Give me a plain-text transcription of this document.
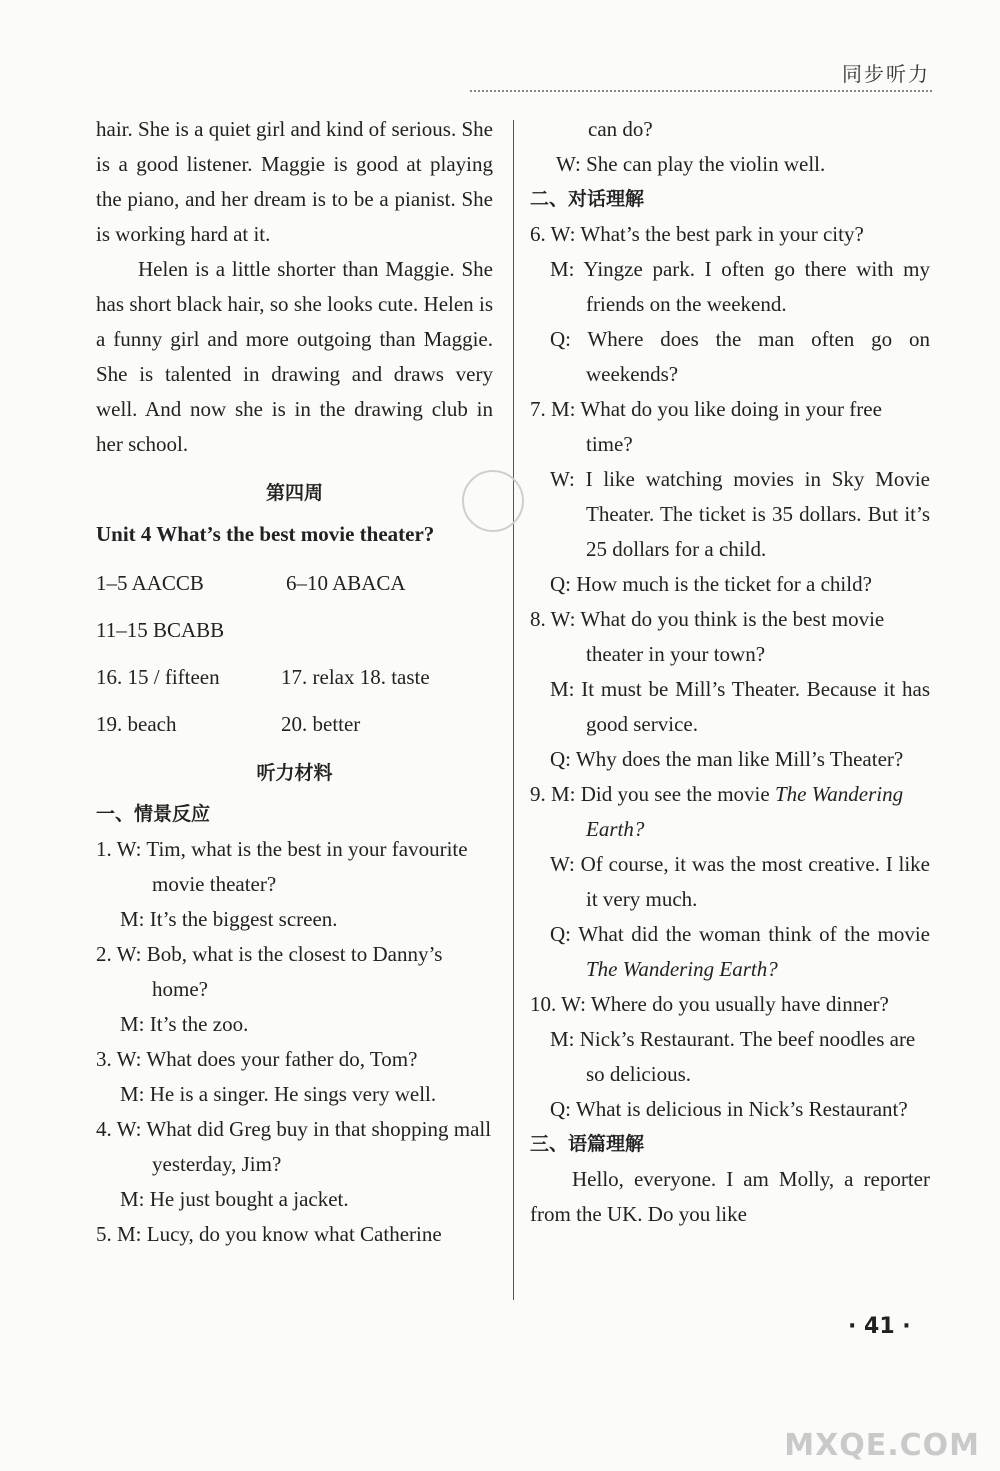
同步听力

hair. She is a quiet girl and kind of serious. She is a good listener. Maggie is good at playing the piano, and her dream is to be a pianist. She is working hard at it.

Helen is a little shorter than Maggie. She has short black hair, so she looks cute. Helen is a funny girl and more outgoing than Maggie. She is talented in drawing and draws very well. And now she is in the drawing club in her school.

第四周
Unit 4 What’s the best movie theater?
1–5 AACCB	6–10 ABACA
11–15 BCABB
16. 15 / fifteen	17. relax 18. taste
19. beach	20. better
听力材料
一、情景反应

1. W: Tim, what is the best in your favourite movie theater?

M: It’s the biggest screen.

2. W: Bob, what is the closest to Danny’s home?

M: It’s the zoo.

3. W: What does your father do, Tom?

M: He is a singer. He sings very well.

4. W: What did Greg buy in that shopping mall yesterday, Jim?

M: He just bought a jacket.

5. M: Lucy, do you know what Catherine

can do?

W: She can play the violin well.

二、对话理解

6. W: What’s the best park in your city?

M: Yingze park. I often go there with my friends on the weekend.

Q: Where does the man often go on weekends?

7. M: What do you like doing in your free time?

W: I like watching movies in Sky Movie Theater. The ticket is 35 dollars. But it’s 25 dollars for a child.

Q: How much is the ticket for a child?

8. W: What do you think is the best movie theater in your town?

M: It must be Mill’s Theater. Because it has good service.

Q: Why does the man like Mill’s Theater?

9. M: Did you see the movie The Wandering Earth?

W: Of course, it was the most creative. I like it very much.

Q: What did the woman think of the movie The Wandering Earth?

10. W: Where do you usually have dinner?

M: Nick’s Restaurant. The beef noodles are so delicious.

Q: What is delicious in Nick’s Restaurant?

三、语篇理解

Hello, everyone. I am Molly, a reporter from the UK. Do you like

· 41 ·
MXQE.COM
